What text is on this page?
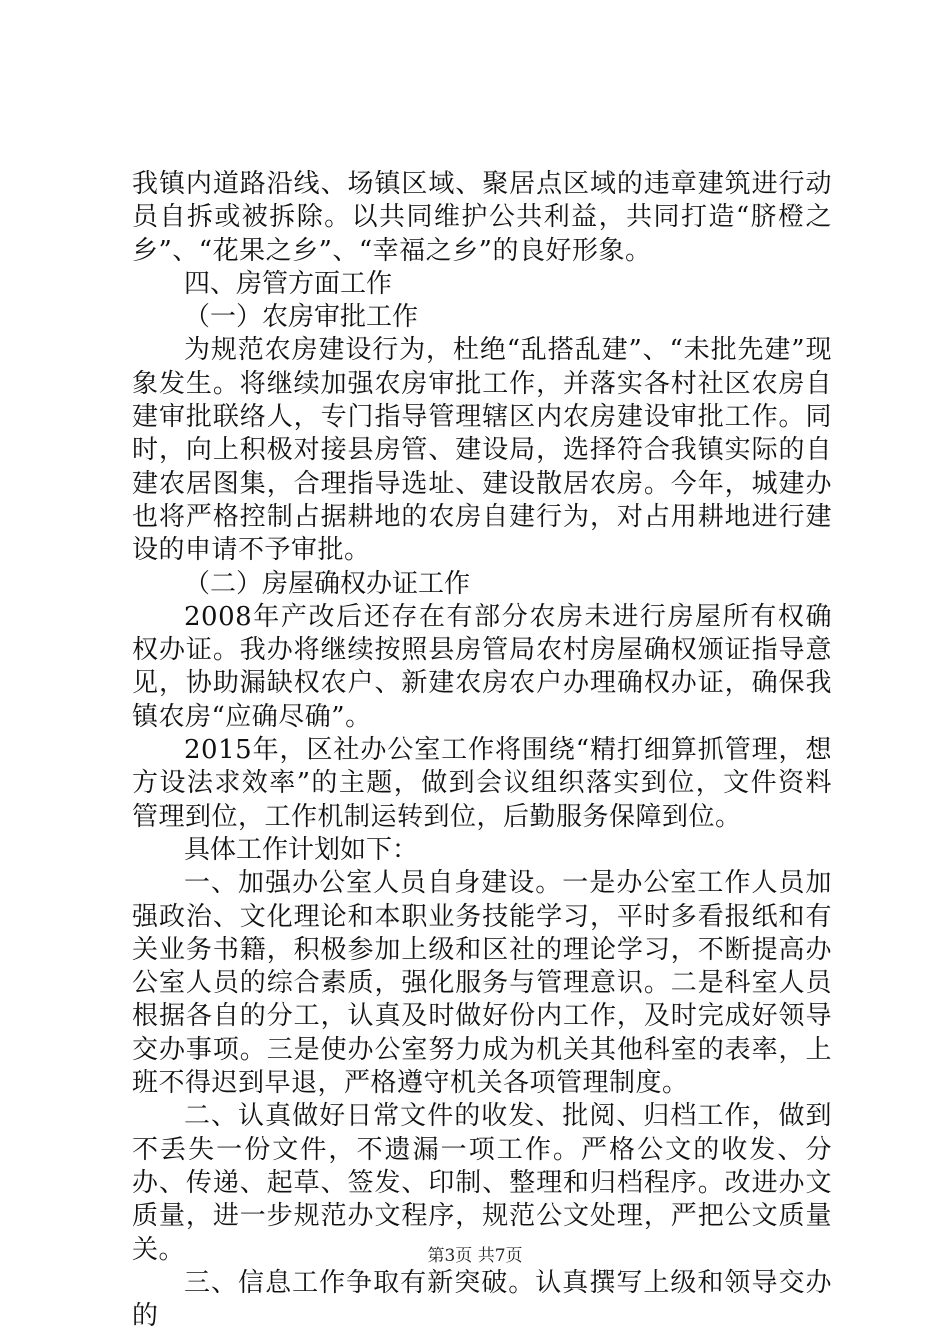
我镇内道路沿线、场镇区域、聚居点区域的违章建筑进行动员自拆或被拆除。以共同维护公共利益，共同打造“脐橙之乡”、“花果之乡”、“幸福之乡”的良好形象。

四、房管方面工作

（一）农房审批工作

为规范农房建设行为，杜绝“乱搭乱建”、“未批先建”现象发生。将继续加强农房审批工作，并落实各村社区农房自建审批联络人，专门指导管理辖区内农房建设审批工作。同时，向上积极对接县房管、建设局，选择符合我镇实际的自建农居图集，合理指导选址、建设散居农房。今年，城建办也将严格控制占据耕地的农房自建行为，对占用耕地进行建设的申请不予审批。

（二）房屋确权办证工作

2008年产改后还存在有部分农房未进行房屋所有权确权办证。我办将继续按照县房管局农村房屋确权颁证指导意见，协助漏缺权农户、新建农房农户办理确权办证，确保我镇农房“应确尽确”。

2015年，区社办公室工作将围绕“精打细算抓管理，想方设法求效率”的主题，做到会议组织落实到位，文件资料管理到位，工作机制运转到位，后勤服务保障到位。

具体工作计划如下：

一、加强办公室人员自身建设。一是办公室工作人员加强政治、文化理论和本职业务技能学习，平时多看报纸和有关业务书籍，积极参加上级和区社的理论学习，不断提高办公室人员的综合素质，强化服务与管理意识。二是科室人员根据各自的分工，认真及时做好份内工作，及时完成好领导交办事项。三是使办公室努力成为机关其他科室的表率，上班不得迟到早退，严格遵守机关各项管理制度。

二、认真做好日常文件的收发、批阅、归档工作，做到不丢失一份文件，不遗漏一项工作。严格公文的收发、分办、传递、起草、签发、印制、整理和归档程序。改进办文质量，进一步规范办文程序，规范公文处理，严把公文质量关。

三、信息工作争取有新突破。认真撰写上级和领导交办的

第3页 共7页
